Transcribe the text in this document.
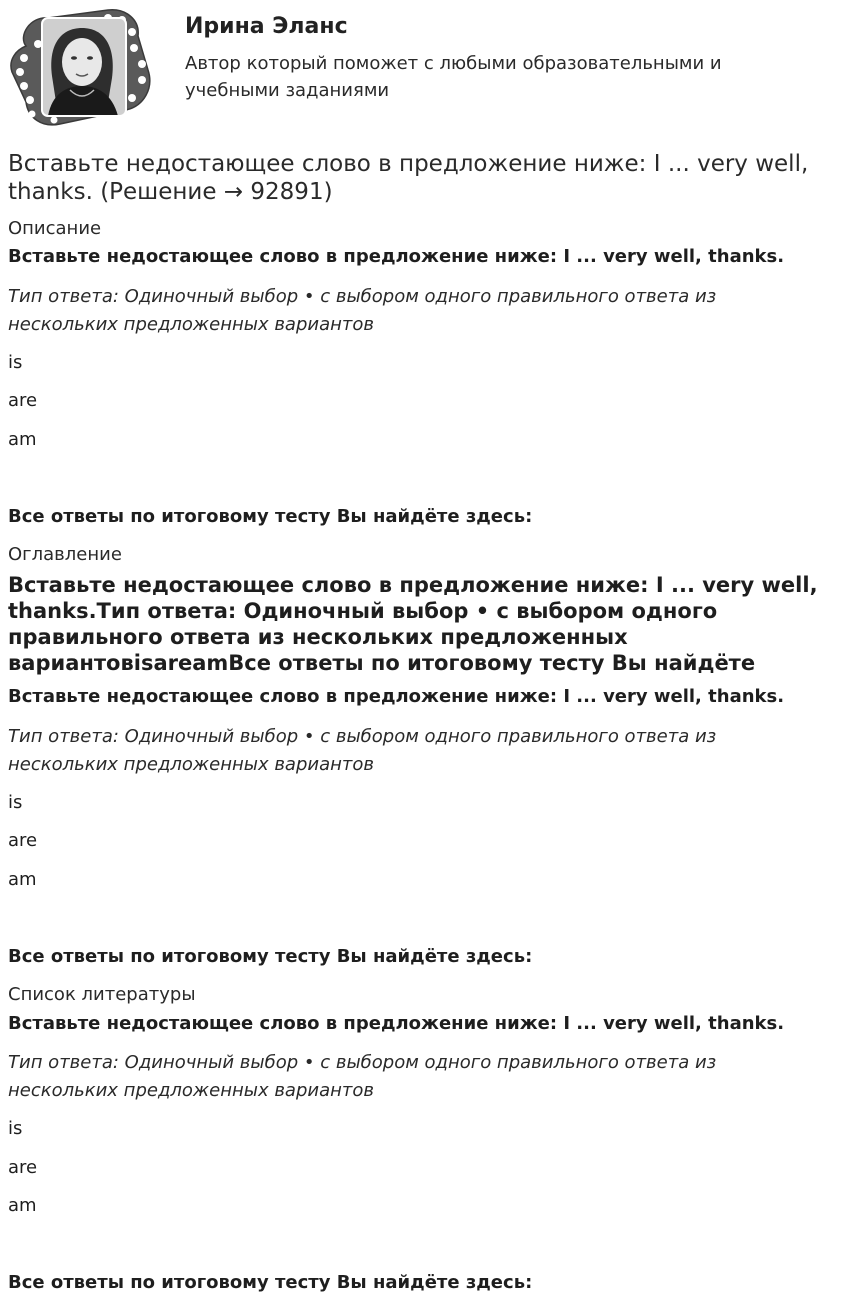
Ирина Эланс

Автор который поможет с любыми образовательными и учебными заданиями

Вставьте недостающее слово в предложение ниже: I ... very well, thanks. (Решение → 92891)

Описание

Вставьте недостающее слово в предложение ниже: I ... very well, thanks.

Тип ответа: Одиночный выбор • с выбором одного правильного ответа из нескольких предложенных вариантов

is

are

am

Все ответы по итоговому тесту Вы найдёте здесь:

Оглавление

Вставьте недостающее слово в предложение ниже: I ... very well, thanks.Тип ответа: Одиночный выбор • с выбором одного правильного ответа из нескольких предложенных вариантовisareamВсе ответы по итоговому тесту Вы найдёте

Вставьте недостающее слово в предложение ниже: I ... very well, thanks.

Тип ответа: Одиночный выбор • с выбором одного правильного ответа из нескольких предложенных вариантов

is

are

am

Все ответы по итоговому тесту Вы найдёте здесь:

Список литературы

Вставьте недостающее слово в предложение ниже: I ... very well, thanks.

Тип ответа: Одиночный выбор • с выбором одного правильного ответа из нескольких предложенных вариантов

is

are

am

Все ответы по итоговому тесту Вы найдёте здесь:
